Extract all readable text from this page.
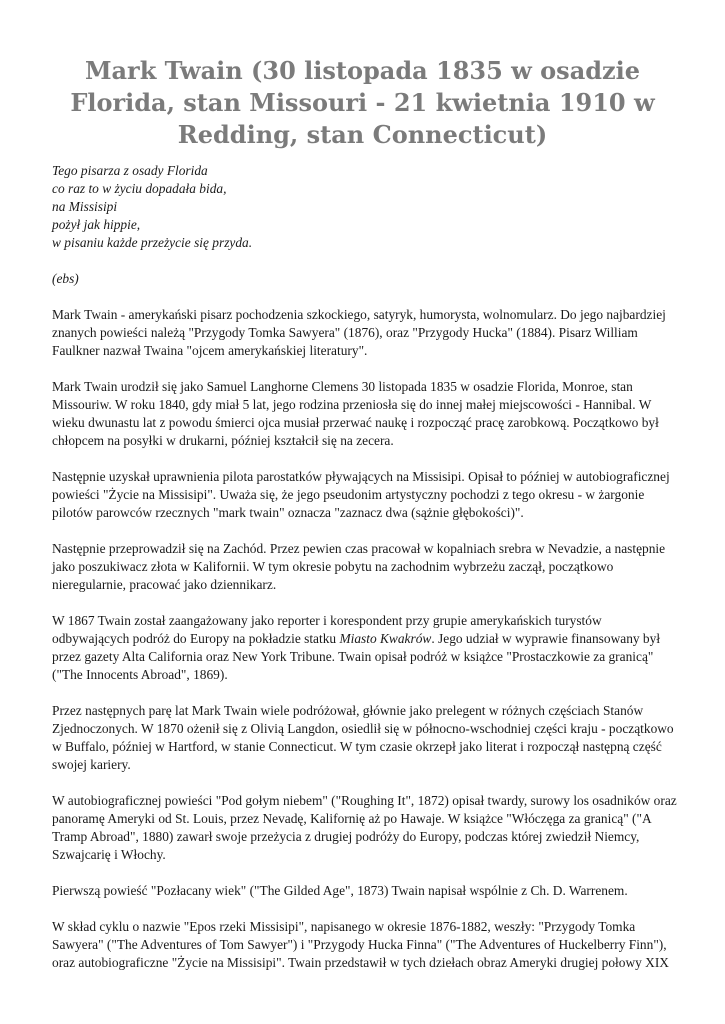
Mark Twain (30 listopada 1835 w osadzie Florida, stan Missouri - 21 kwietnia 1910 w Redding, stan Connecticut)
Tego pisarza z osady Florida
co raz to w życiu dopadała bida,
na Missisipi
pożył jak hippie,
w pisaniu każde przeżycie się przyda.

(ebs)

Mark Twain - amerykański pisarz pochodzenia szkockiego, satyryk, humorysta, wolnomularz. Do jego najbardziej znanych powieści należą "Przygody Tomka Sawyera" (1876), oraz "Przygody Hucka" (1884). Pisarz William Faulkner nazwał Twaina "ojcem amerykańskiej literatury".

Mark Twain urodził się jako Samuel Langhorne Clemens 30 listopada 1835 w osadzie Florida, Monroe, stan Missouriw. W roku 1840, gdy miał 5 lat, jego rodzina przeniosła się do innej małej miejscowości - Hannibal. W wieku dwunastu lat z powodu śmierci ojca musiał przerwać naukę i rozpocząć pracę zarobkową. Początkowo był chłopcem na posyłki w drukarni, później kształcił się na zecera.

Następnie uzyskał uprawnienia pilota parostatków pływających na Missisipi. Opisał to później w autobiograficznej powieści "Życie na Missisipi". Uważa się, że jego pseudonim artystyczny pochodzi z tego okresu - w żargonie pilotów parowców rzecznych "mark twain" oznacza "zaznacz dwa (sążnie głębokości)".

Następnie przeprowadził się na Zachód. Przez pewien czas pracował w kopalniach srebra w Nevadzie, a następnie jako poszukiwacz złota w Kalifornii. W tym okresie pobytu na zachodnim wybrzeżu zaczął, początkowo nieregularnie, pracować jako dziennikarz.

W 1867 Twain został zaangażowany jako reporter i korespondent przy grupie amerykańskich turystów odbywających podróż do Europy na pokładzie statku Miasto Kwakrów. Jego udział w wyprawie finansowany był przez gazety Alta California oraz New York Tribune. Twain opisał podróż w książce "Prostaczkowie za granicą" ("The Innocents Abroad", 1869).

Przez następnych parę lat Mark Twain wiele podróżował, głównie jako prelegent w różnych częściach Stanów Zjednoczonych. W 1870 ożenił się z Olivią Langdon, osiedlił się w północno-wschodniej części kraju - początkowo w Buffalo, później w Hartford, w stanie Connecticut. W tym czasie okrzepł jako literat i rozpoczął następną część swojej kariery.

W autobiograficznej powieści "Pod gołym niebem" ("Roughing It", 1872) opisał twardy, surowy los osadników oraz panoramę Ameryki od St. Louis, przez Nevadę, Kalifornię aż po Hawaje. W książce "Włóczęga za granicą" ("A Tramp Abroad", 1880) zawarł swoje przeżycia z drugiej podróży do Europy, podczas której zwiedził Niemcy, Szwajcarię i Włochy.

Pierwszą powieść "Pozłacany wiek" ("The Gilded Age", 1873) Twain napisał wspólnie z Ch. D. Warrenem.

W skład cyklu o nazwie "Epos rzeki Missisipi", napisanego w okresie 1876-1882, weszły: "Przygody Tomka Sawyera" ("The Adventures of Tom Sawyer") i "Przygody Hucka Finna" ("The Adventures of Huckelberry Finn"), oraz autobiograficzne "Życie na Missisipi". Twain przedstawił w tych dziełach obraz Ameryki drugiej połowy XIX
